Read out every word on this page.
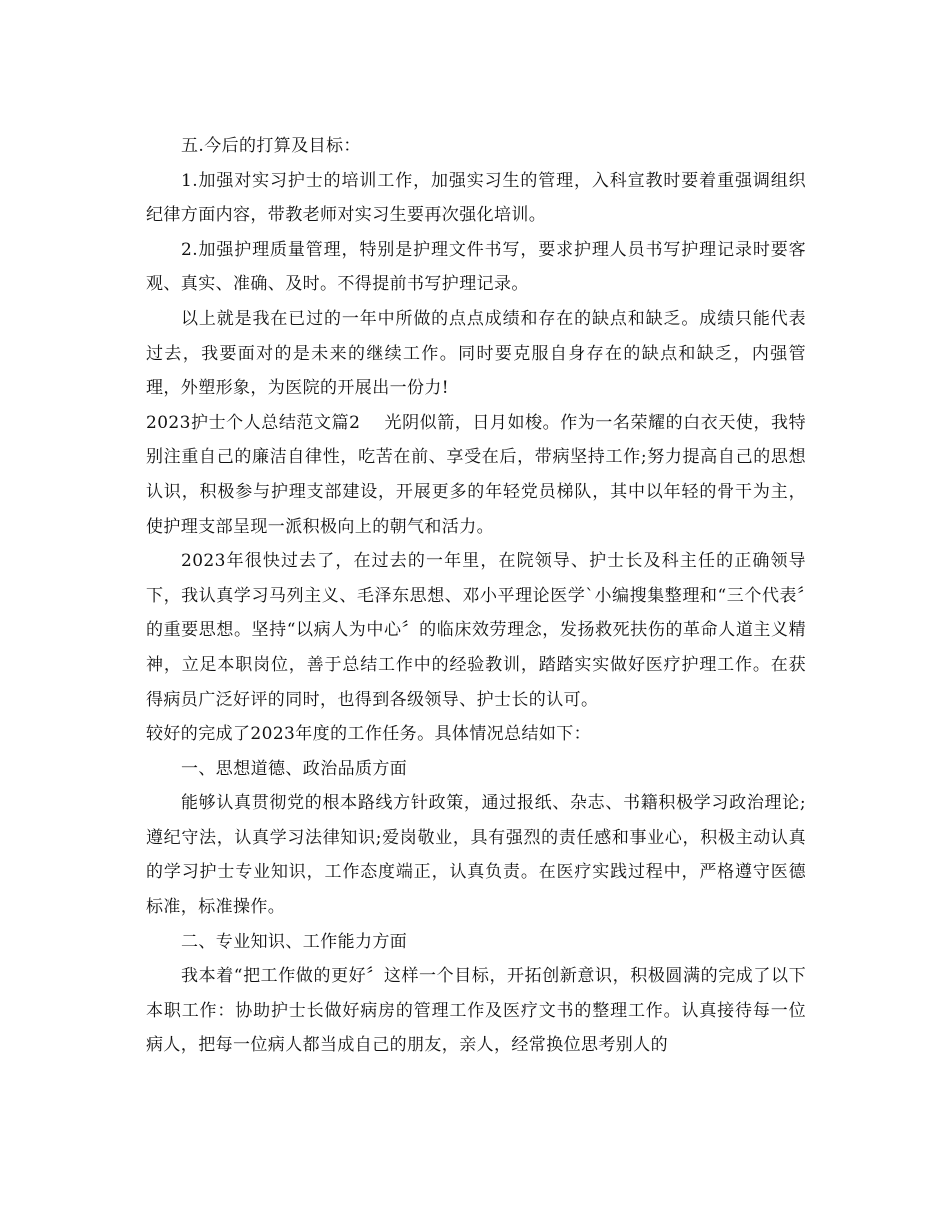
五.今后的打算及目标：

1.加强对实习护士的培训工作，加强实习生的管理，入科宣教时要着重强调组织纪律方面内容，带教老师对实习生要再次强化培训。

2.加强护理质量管理，特别是护理文件书写，要求护理人员书写护理记录时要客观、真实、准确、及时。不得提前书写护理记录。

以上就是我在已过的一年中所做的点点成绩和存在的缺点和缺乏。成绩只能代表过去，我要面对的是未来的继续工作。同时要克服自身存在的缺点和缺乏，内强管理，外塑形象，为医院的开展出一份力!

2023护士个人总结范文篇2 光阴似箭，日月如梭。作为一名荣耀的白衣天使，我特别注重自己的廉洁自律性，吃苦在前、享受在后，带病坚持工作;努力提高自己的思想认识，积极参与护理支部建设，开展更多的年轻党员梯队，其中以年轻的骨干为主，使护理支部呈现一派积极向上的朝气和活力。

2023年很快过去了，在过去的一年里，在院领导、护士长及科主任的正确领导下，我认真学习马列主义、毛泽东思想、邓小平理论医学`小编搜集整理和“三个代表〞的重要思想。坚持“以病人为中心〞的临床效劳理念，发扬救死扶伤的革命人道主义精神，立足本职岗位，善于总结工作中的经验教训，踏踏实实做好医疗护理工作。在获得病员广泛好评的同时，也得到各级领导、护士长的认可。

较好的完成了2023年度的工作任务。具体情况总结如下：

一、思想道德、政治品质方面

能够认真贯彻党的根本路线方针政策，通过报纸、杂志、书籍积极学习政治理论;遵纪守法，认真学习法律知识;爱岗敬业，具有强烈的责任感和事业心，积极主动认真的学习护士专业知识，工作态度端正，认真负责。在医疗实践过程中，严格遵守医德标准，标准操作。

二、专业知识、工作能力方面

我本着“把工作做的更好〞这样一个目标，开拓创新意识，积极圆满的完成了以下本职工作：协助护士长做好病房的管理工作及医疗文书的整理工作。认真接待每一位病人，把每一位病人都当成自己的朋友，亲人，经常换位思考别人的
